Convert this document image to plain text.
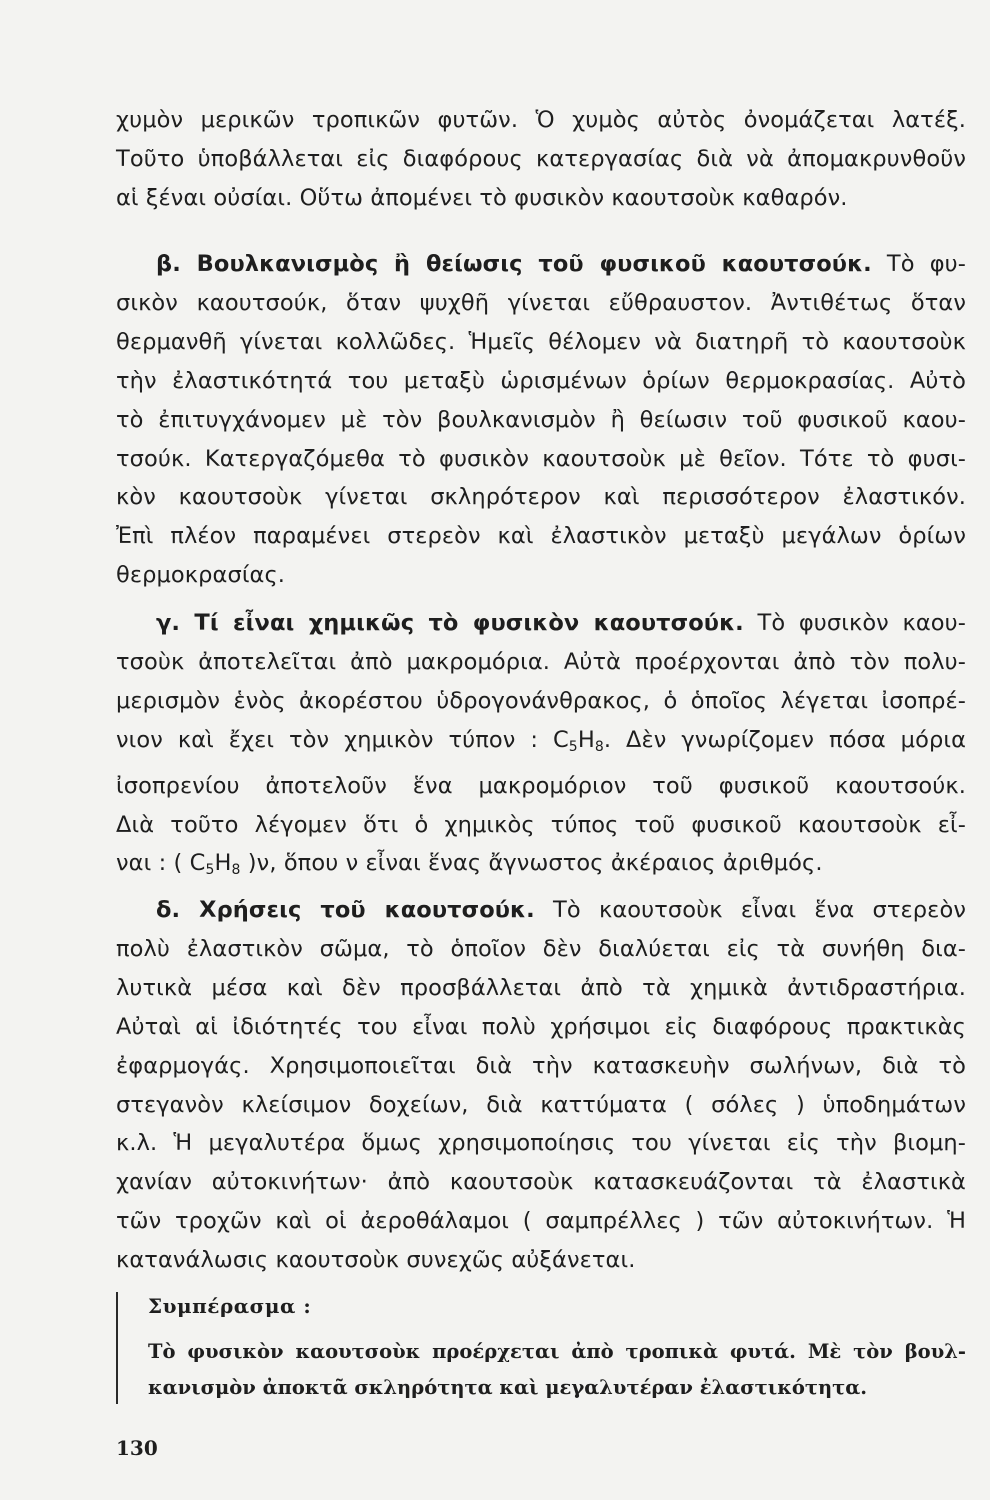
χυμὸν μερικῶν τροπικῶν φυτῶν. Ὁ χυμὸς αὐτὸς ὀνομάζεται λατέξ.
Τοῦτο ὑποβάλλεται εἰς διαφόρους κατεργασίας διὰ νὰ ἀπομακρυνθοῦν
αἱ ξέναι οὐσίαι. Οὕτω ἀπομένει τὸ φυσικὸν καουτσοὺκ καθαρόν.
β. Βουλκανισμὸς ἢ θείωσις τοῦ φυσικοῦ καουτσούκ. Τὸ φυ-
σικὸν καουτσούκ, ὅταν ψυχθῆ γίνεται εὔθραυστον. Ἀντιθέτως ὅταν
θερμανθῆ γίνεται κολλῶδες. Ἡμεῖς θέλομεν νὰ διατηρῆ τὸ καουτσοὺκ
τὴν ἐλαστικότητά του μεταξὺ ὡρισμένων ὁρίων θερμοκρασίας. Αὐτὸ
τὸ ἐπιτυγχάνομεν μὲ τὸν βουλκανισμὸν ἢ θείωσιν τοῦ φυσικοῦ καου-
τσούκ. Κατεργαζόμεθα τὸ φυσικὸν καουτσοὺκ μὲ θεῖον. Τότε τὸ φυσι-
κὸν καουτσοὺκ γίνεται σκληρότερον καὶ περισσότερον ἐλαστικόν.
Ἐπὶ πλέον παραμένει στερεὸν καὶ ἐλαστικὸν μεταξὺ μεγάλων ὁρίων
θερμοκρασίας.
γ. Τί εἶναι χημικῶς τὸ φυσικὸν καουτσούκ. Τὸ φυσικὸν καου-
τσοὺκ ἀποτελεῖται ἀπὸ μακρομόρια. Αὐτὰ προέρχονται ἀπὸ τὸν πολυ-
μερισμὸν ἑνὸς ἀκορέστου ὑδρογονάνθρακος, ὁ ὁποῖος λέγεται ἰσοπρέ-
νιον καὶ ἔχει τὸν χημικὸν τύπον : $C_5H_8$. Δὲν γνωρίζομεν πόσα μόρια
ἰσοπρενίου ἀποτελοῦν ἕνα μακρομόριον τοῦ φυσικοῦ καουτσούκ.
Διὰ τοῦτο λέγομεν ὅτι ὁ χημικὸς τύπος τοῦ φυσικοῦ καουτσοὺκ εἶ-
ναι : ( $C_5H_8$ )ν, ὅπου ν εἶναι ἕνας ἄγνωστος ἀκέραιος ἀριθμός.
δ. Χρήσεις τοῦ καουτσούκ. Τὸ καουτσοὺκ εἶναι ἕνα στερεὸν
πολὺ ἐλαστικὸν σῶμα, τὸ ὁποῖον δὲν διαλύεται εἰς τὰ συνήθη δια-
λυτικὰ μέσα καὶ δὲν προσβάλλεται ἀπὸ τὰ χημικὰ ἀντιδραστήρια.
Αὐταὶ αἱ ἰδιότητές του εἶναι πολὺ χρήσιμοι εἰς διαφόρους πρακτικὰς
ἐφαρμογάς. Χρησιμοποιεῖται διὰ τὴν κατασκευὴν σωλήνων, διὰ τὸ
στεγανὸν κλείσιμον δοχείων, διὰ καττύματα ( σόλες ) ὑποδημάτων
κ.λ. Ἡ μεγαλυτέρα ὅμως χρησιμοποίησις του γίνεται εἰς τὴν βιομη-
χανίαν αὐτοκινήτων· ἀπὸ καουτσοὺκ κατασκευάζονται τὰ ἐλαστικὰ
τῶν τροχῶν καὶ οἱ ἀεροθάλαμοι ( σαμπρέλλες ) τῶν αὐτοκινήτων. Ἡ
κατανάλωσις καουτσοὺκ συνεχῶς αὐξάνεται.
Συμπέρασμα :
Τὸ φυσικὸν καουτσοὺκ προέρχεται ἀπὸ τροπικὰ φυτά. Μὲ τὸν βουλ-
κανισμὸν ἀποκτᾶ σκληρότητα καὶ μεγαλυτέραν ἐλαστικότητα.
130
